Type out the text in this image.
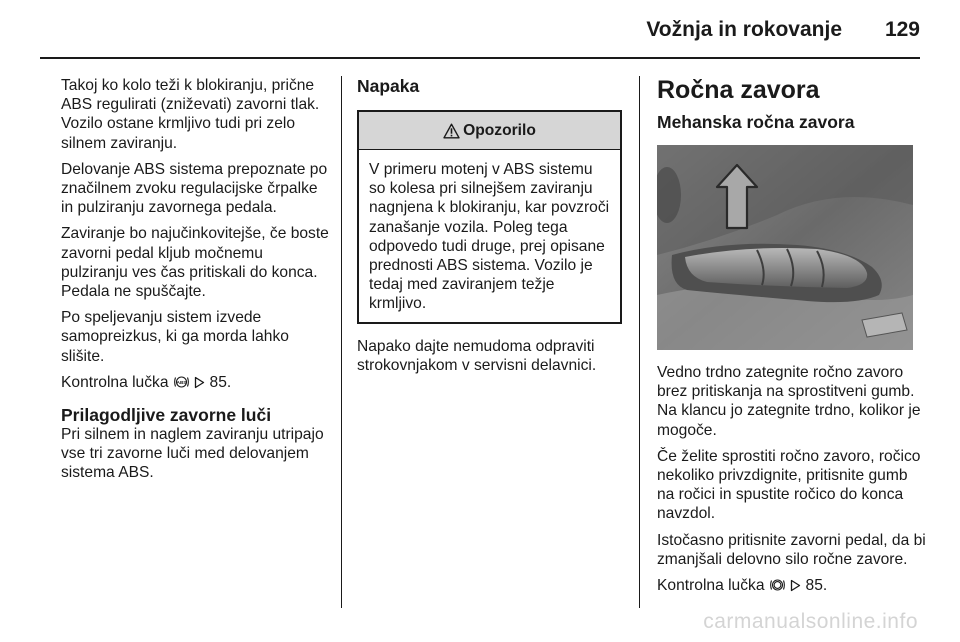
Vožnja in rokovanje 129

Takoj ko kolo teži k blokiranju, prične ABS regulirati (zniževati) zavorni tlak. Vozilo ostane krmljivo tudi pri zelo silnem zaviranju.

Delovanje ABS sistema prepoznate po značilnem zvoku regulacijske črpalke in pulziranju zavornega pedala.

Zaviranje bo najučinkovitejše, če boste zavorni pedal kljub močnemu pulziranju ves čas pritiskali do konca. Pedala ne spuščajte.

Po speljevanju sistem izvede samopreizkus, ki ga morda lahko slišite.

Kontrolna lučka ABS 85.

Prilagodljive zavorne luči

Pri silnem in naglem zaviranju utripajo vse tri zavorne luči med delovanjem sistema ABS.

Napaka
Opozorilo
V primeru motenj v ABS sistemu so kolesa pri silnejšem zaviranju nagnjena k blokiranju, kar povzroči zanašanje vozila. Poleg tega odpovedo tudi druge, prej opisane prednosti ABS sistema. Vozilo je tedaj med zaviranjem težje krmljivo.

Napako dajte nemudoma odpraviti strokovnjakom v servisni delavnici.

Ročna zavora
Mehanska ročna zavora

Vedno trdno zategnite ročno zavoro brez pritiskanja na sprostitveni gumb. Na klancu jo zategnite trdno, kolikor je mogoče.

Če želite sprostiti ročno zavoro, ročico nekoliko privzdignite, pritisnite gumb na ročici in spustite ročico do konca navzdol.

Istočasno pritisnite zavorni pedal, da bi zmanjšali delovno silo ročne zavore.

Kontrolna lučka	85.

carmanualsonline.info
